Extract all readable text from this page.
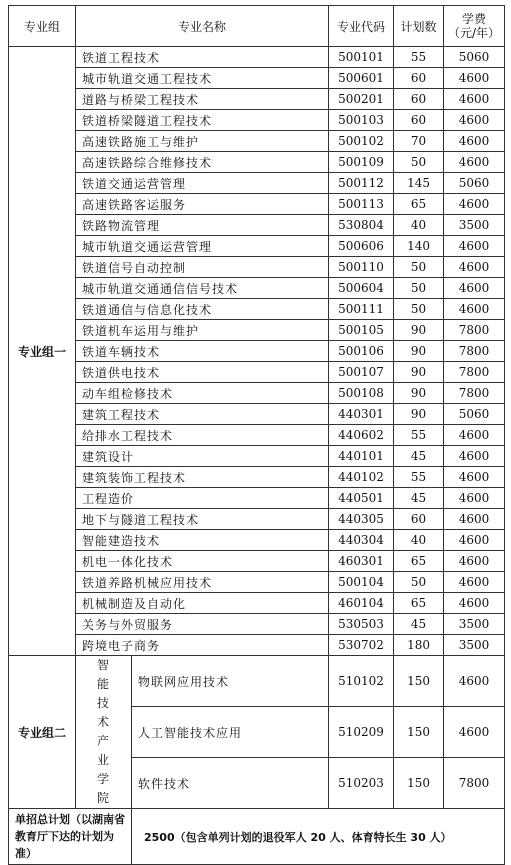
专业组	专业名称		专业代码	计划数	学费
（元/年）

专业组一	铁道工程技术		500101	55	5060
	城市轨道交通工程技术		500601	60	4600
	道路与桥梁工程技术		500201	60	4600
	铁道桥梁隧道工程技术		500103	60	4600
	高速铁路施工与维护		500102	70	4600
	高速铁路综合维修技术		500109	50	4600
	铁道交通运营管理		500112	145	5060
	高速铁路客运服务		500113	65	4600
	铁路物流管理		530804	40	3500
	城市轨道交通运营管理		500606	140	4600
	铁道信号自动控制		500110	50	4600
	城市轨道交通通信信号技术		500604	50	4600
	铁道通信与信息化技术		500111	50	4600
	铁道机车运用与维护		500105	90	7800
	铁道车辆技术		500106	90	7800
	铁道供电技术		500107	90	7800
	动车组检修技术		500108	90	7800
	建筑工程技术		440301	90	5060
	给排水工程技术		440602	55	4600
	建筑设计		440101	45	4600
	建筑装饰工程技术		440102	55	4600
	工程造价		440501	45	4600
	地下与隧道工程技术		440305	60	4600
	智能建造技术		440304	40	4600
	机电一体化技术		460301	65	4600
	铁道养路机械应用技术		500104	50	4600
	机械制造及自动化		460104	65	4600
	关务与外贸服务		530503	45	3500
	跨境电子商务		530702	180	3500
专业组二	智能技术产业学院	物联网应用技术	510102	150	4600
		人工智能技术应用	510209	150	4600
		软件技术	510203	150	7800
单招总计划（以湖南省教育厅下达的计划为准）		2500（包含单列计划的退役军人 20 人、体育特长生 30 人）			
